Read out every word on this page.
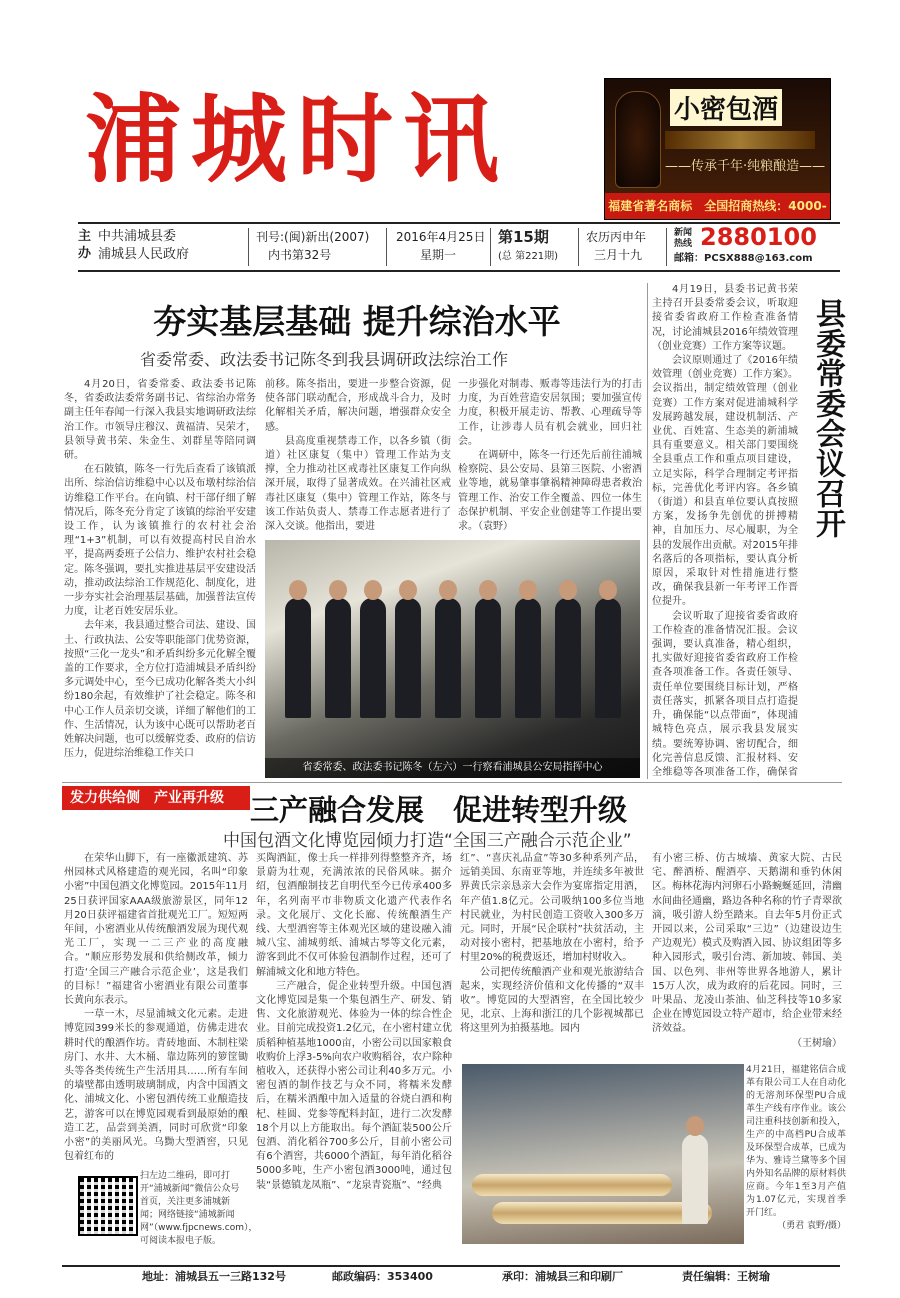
浦城时讯	小密包酒
——传承千年·纯粮酿造——
福建省著名商标　全国招商热线：4000-
主办
中共浦城县委
浦城县人民政府
刊号:(闽)新出(2007)
内书第32号
2016年4月25日
星期一
第15期
(总 第221期)
农历丙申年
三月十九
新闻热线 2880100
邮箱：PCSX888@163.com
夯实基层基础 提升综治水平
省委常委、政法委书记陈冬到我县调研政法综治工作

4月20日，省委常委、政法委书记陈冬，省委政法委常务副书记、省综治办常务副主任年春闻一行深入我县实地调研政法综治工作。市领导庄穆汉、黄福清、吴荣才，县领导黄书荣、朱金生、刘群星等陪同调研。

在石陂镇，陈冬一行先后查看了该镇派出所、综治信访维稳中心以及布墩村综治信访维稳工作平台。在向镇、村干部仔细了解情况后，陈冬充分肯定了该镇的综治平安建设工作，认为该镇推行的农村社会治理“1+3”机制，可以有效提高村民自治水平，提高两委班子公信力、维护农村社会稳定。陈冬强调，要扎实推进基层平安建设活动，推动政法综治工作规范化、制度化，进一步夯实社会治理基层基础，加强普法宣传力度，让老百姓安居乐业。

去年来，我县通过整合司法、建设、国土、行政执法、公安等职能部门优势资源，按照“三化一龙头”和矛盾纠纷多元化解全覆盖的工作要求，全方位打造浦城县矛盾纠纷多元调处中心，至今已成功化解各类大小纠纷180余起，有效维护了社会稳定。陈冬和中心工作人员亲切交谈，详细了解他们的工作、生活情况，认为该中心既可以帮助老百姓解决问题，也可以缓解党委、政府的信访压力，促进综治维稳工作关口

前移。陈冬指出，要进一步整合资源，促使各部门联动配合，形成战斗合力，及时化解相关矛盾，解决问题，增强群众安全感。

县高度重视禁毒工作，以各乡镇（街道）社区康复（集中）管理工作站为支撑，全力推动社区戒毒社区康复工作向纵深开展，取得了显著成效。在兴浦社区戒毒社区康复（集中）管理工作站，陈冬与该工作站负责人、禁毒工作志愿者进行了深入交谈。他指出，要进

一步强化对制毒、贩毒等违法行为的打击力度，为百姓营造安居氛围；要加强宣传力度，积极开展走访、帮教、心理疏导等工作，让涉毒人员有机会就业，回归社会。

在调研中，陈冬一行还先后前往浦城检察院、县公安局、县第三医院、小密酒业等地，就易肇事肇祸精神障碍患者救治管理工作、治安工作全覆盖、四位一体生态保护机制、平安企业创建等工作提出要求。（袁野）

省委常委、政法委书记陈冬（左六）一行察看浦城县公安局指挥中心
县委常委会议召开

4月19日，县委书记黄书荣主持召开县委常委会议，听取迎接省委省政府工作检查准备情况，讨论浦城县2016年绩效管理（创业竞赛）工作方案等议题。

会议原则通过了《2016年绩效管理（创业竞赛）工作方案》。会议指出，制定绩效管理（创业竞赛）工作方案对促进浦城科学发展跨越发展，建设机制活、产业优、百姓富、生态美的新浦城具有重要意义。相关部门要围绕全县重点工作和重点项目建设，立足实际，科学合理制定考评指标，完善优化考评内容。各乡镇（街道）和县直单位要认真按照方案，发扬争先创优的拼搏精神，自加压力、尽心履职，为全县的发展作出贡献。对2015年排名落后的各项指标，要认真分析原因，采取针对性措施进行整改，确保我县新一年考评工作晋位提升。

会议听取了迎接省委省政府工作检查的准备情况汇报。会议强调，要认真准备，精心组织，扎实做好迎接省委省政府工作检查各项准备工作。各责任领导、责任单位要围绕目标计划，严格责任落实，抓紧各项目点打造提升，确保能“以点带面”，体现浦城特色亮点，展示我县发展实绩。要统筹协调、密切配合，细化完善信息反馈、汇报材料、安全维稳等各项准备工作，确保省

发力供给侧　产业再升级 三产融合发展　促进转型升级
中国包酒文化博览园倾力打造“全国三产融合示范企业”

在荣华山脚下，有一座徽派建筑、苏州园林式风格建造的观光园，名叫“印象小密”中国包酒文化博览园。2015年11月25日获评国家AAA级旅游景区，同年12月20日获评福建省首批观光工厂。短短两年间，小密酒业从传统酿酒发展为现代观光工厂，实现一二三产业的高度融合。“顺应形势发展和供给侧改革，倾力打造‘全国三产融合示范企业’，这是我们的目标！”福建省小密酒业有限公司董事长黄向东表示。

一草一木，尽显浦城文化元素。走进博览园399米长的参观通道，仿佛走进农耕时代的酿酒作坊。青砖地面、木制柱梁房门、水井、大木桶、靠边陈列的箩筐锄头等各类传统生产生活用具……所有车间的墙壁都由透明玻璃制成，内含中国酒文化、浦城文化、小密包酒传统工业酿造技艺，游客可以在博览园观看到最原始的酿造工艺，品尝到美酒，同时可欣赏“印象小密”的美丽风光。乌黝大型酒窖，只见包着红布的

买陶酒缸，像士兵一样排列得整整齐齐，场景蔚为壮观，充满浓浓的民俗风味。据介绍，包酒酿制技艺自明代至今已传承400多年，名列南平市非物质文化遗产代表作名录。文化展厅、文化长廊、传统酿酒生产线、大型酒窖等主体观光区域的建设融入浦城八宝、浦城剪纸、浦城古琴等文化元素，游客到此不仅可体验包酒制作过程，还可了解浦城文化和地方特色。

三产融合，促企业转型升级。中国包酒文化博览园是集一个集包酒生产、研发、销售、文化旅游观光、体验为一体的综合性企业。目前完成投资1.2亿元，在小密村建立优质稻种植基地1000亩，小密公司以国家粮食收购价上浮3-5%向农户收购稻谷，农户除种植收入，还获得小密公司让利40多万元。小密包酒的制作技艺与众不同，将糯米发酵后，在糯米酒酿中加入适量的谷烧白酒和枸杞、桂圆、党参等配料封缸，进行二次发酵18个月以上方能取出。每个酒缸装500公斤包酒、消化稻谷700多公斤，目前小密公司有6个酒窖，共6000个酒缸，每年消化稻谷5000多吨，生产小密包酒3000吨，通过包装“景德镇龙凤瓶”、“龙泉青瓷瓶”、“经典

红”、“喜庆礼品盒”等30多种系列产品，远销美国、东南亚等地，并连续多年被世界黄氏宗亲恳亲大会作为宴席指定用酒，年产值1.8亿元。公司吸纳100多位当地村民就业，为村民创造工资收入300多万元。同时，开展“民企联村”扶贫活动，主动对接小密村，把基地放在小密村，给予村里20%的税费返还，增加村财收入。

公司把传统酿酒产业和观光旅游结合起来，实现经济价值和文化传播的“双丰收”。博览园的大型酒窖，在全国比较少见，北京、上海和浙江的几个影视城都已将这里列为拍摄基地。园内

有小密三桥、仿古城墙、黄家大院、古民宅、醉酒桥、醒酒亭、天鹅湖和垂钓休闲区。梅林花海内河卵石小路蜿蜒延回，清幽水间曲径通幽，路边各种名称的竹子青翠欲滴，吸引游人纷至踏来。自去年5月份正式开园以来，公司采取“三边”（边建设边生产边观光）模式及购酒入园、协议组团等多种入园形式，吸引台湾、新加坡、韩国、美国、以色列、非州等世界各地游人，累计15万人次，成为政府的后花园。同时，三叶果品、龙凌山茶油、仙芝科技等10多家企业在博览园设立特产超市，给企业带来经济效益。

（王树瑜）

4月21日，福建铭信合成革有限公司工人在自动化的无溶剂环保型PU合成革生产线有序作业。该公司注重科技创新和投入，生产的中高档PU合成革及环保型合成革，已成为华为、雅诗兰黛等多个国内外知名品牌的原材料供应商。今年1至3月产值为1.07亿元，实现首季开门红。
（勇君 袁野/摄）
扫左边二维码，即可打开“浦城新闻”微信公众号首页，关注更多浦城新闻；网络链接“浦城新闻网”（www.fjpcnews.com），可阅读本报电子版。
地址：浦城县五一三路132号	邮政编码：353400	承印：浦城县三和印刷厂	责任编辑：王树瑜
